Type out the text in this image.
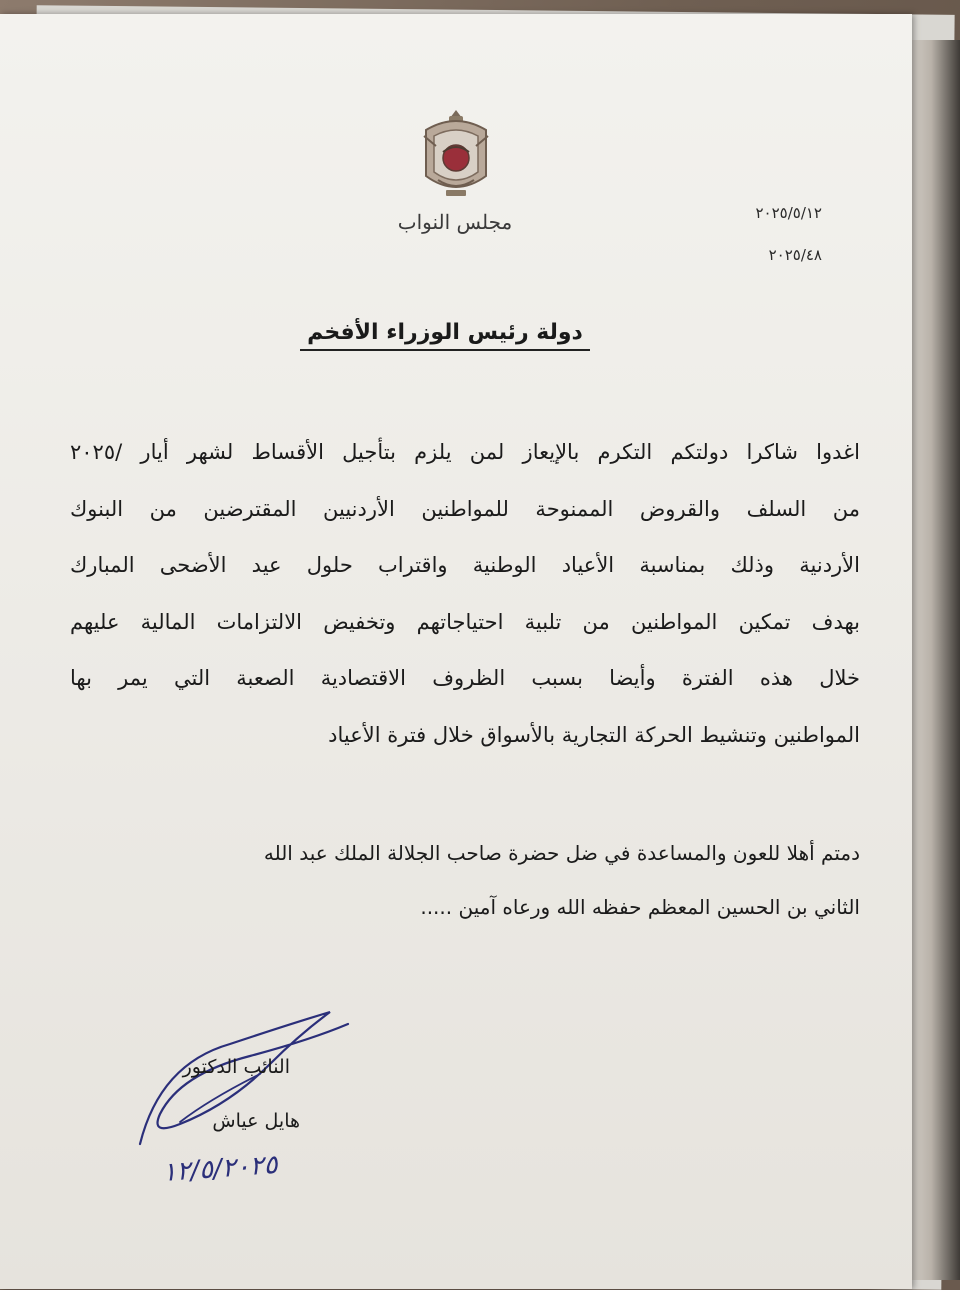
مجلس النواب	٢٠٢٥/٥/١٢
٢٠٢٥/٤٨
دولة رئيس الوزراء الأفخم

اغدوا شاكرا دولتكم التكرم بالإيعاز لمن يلزم بتأجيل الأقساط لشهر أيار /٢٠٢٥

من السلف والقروض الممنوحة للمواطنين الأردنيين المقترضين من البنوك

الأردنية وذلك بمناسبة الأعياد الوطنية واقتراب حلول عيد الأضحى المبارك

بهدف تمكين المواطنين من تلبية احتياجاتهم وتخفيض الالتزامات المالية عليهم

خلال هذه الفترة وأيضا بسبب الظروف الاقتصادية الصعبة التي يمر بها

المواطنين وتنشيط الحركة التجارية بالأسواق خلال فترة الأعياد

دمتم أهلا للعون والمساعدة في ضل حضرة صاحب الجلالة الملك عبد الله

الثاني بن الحسين المعظم حفظه الله ورعاه آمين .....

النائب الدكتور
هايل عياش
١٢/٥/٢٠٢٥
